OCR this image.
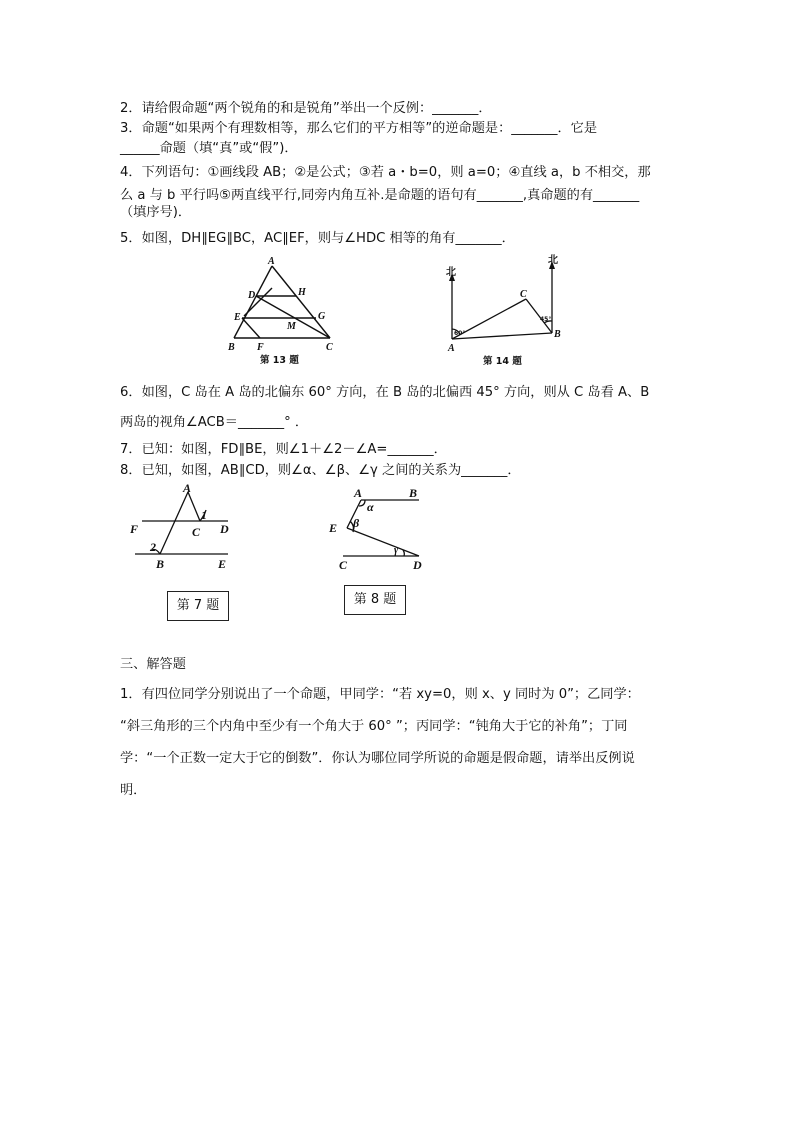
2．请给假命题“两个锐角的和是锐角”举出一个反例：_______．
3．命题“如果两个有理数相等，那么它们的平方相等”的逆命题是：_______．它是
______命题（填“真”或“假”)．
4．下列语句：①画线段 AB；②是公式；③若 a・b=0，则 a=0；④直线 a，b 不相交，那
么 a 与 b 平行吗⑤两直线平行,同旁内角互补.是命题的语句有_______,真命题的有_______
（填序号)．
5．如图，DH∥EG∥BC，AC∥EF，则与∠HDC 相等的角有_______．
A
D	H
E	G
M
B F	C
第 13 题
北
北
C
A
B
60°
45°
第 14 题
6．如图，C 岛在 A 岛的北偏东 60° 方向，在 B 岛的北偏西 45° 方向，则从 C 岛看 A、B
两岛的视角∠ACB＝_______° ．
7．已知：如图，FD∥BE，则∠1＋∠2－∠A=_______．
8．已知，如图，AB∥CD，则∠α、∠β、∠γ 之间的关系为_______．
A
F	C D
B	E
1
2
第 7 题
A	B
E
C	D
α
β
γ
第 8 题
三、解答题
1．有四位同学分别说出了一个命题，甲同学：“若 xy=0，则 x、y 同时为 0”；乙同学：
“斜三角形的三个内角中至少有一个角大于 60° ”；丙同学：“钝角大于它的补角”；丁同
学：“一个正数一定大于它的倒数”．你认为哪位同学所说的命题是假命题，请举出反例说
明．
